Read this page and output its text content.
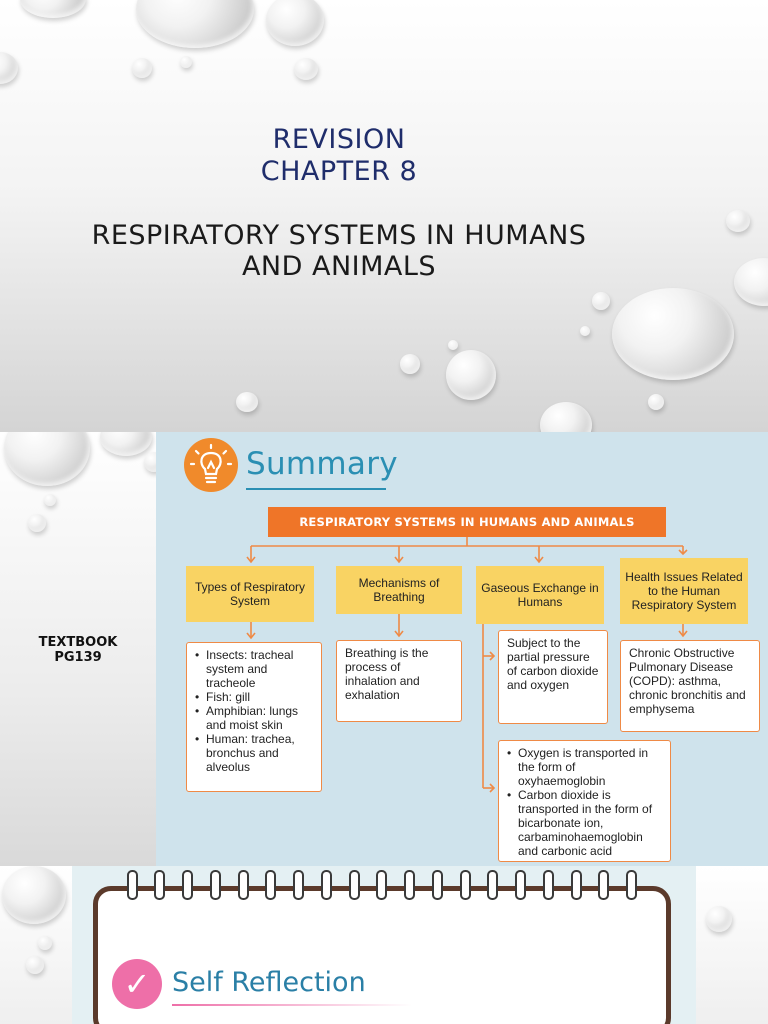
REVISION
CHAPTER 8
RESPIRATORY SYSTEMS IN HUMANS
AND ANIMALS
TEXTBOOK
PG139
Summary
RESPIRATORY SYSTEMS IN HUMANS AND ANIMALS
Types of Respiratory System
Mechanisms of Breathing
Gaseous Exchange in Humans
Health Issues Related to the Human Respiratory System
• Insects: tracheal system and tracheole
• Fish: gill
• Amphibian: lungs and moist skin
• Human: trachea, bronchus and alveolus
Breathing is the process of inhalation and exhalation
Subject to the partial pressure of carbon dioxide and oxygen
• Oxygen is transported in the form of oxyhaemoglobin
• Carbon dioxide is transported in the form of bicarbonate ion, carbaminohaemoglobin and carbonic acid
Chronic Obstructive Pulmonary Disease (COPD): asthma, chronic bronchitis and emphysema
✓ Self Reflection
